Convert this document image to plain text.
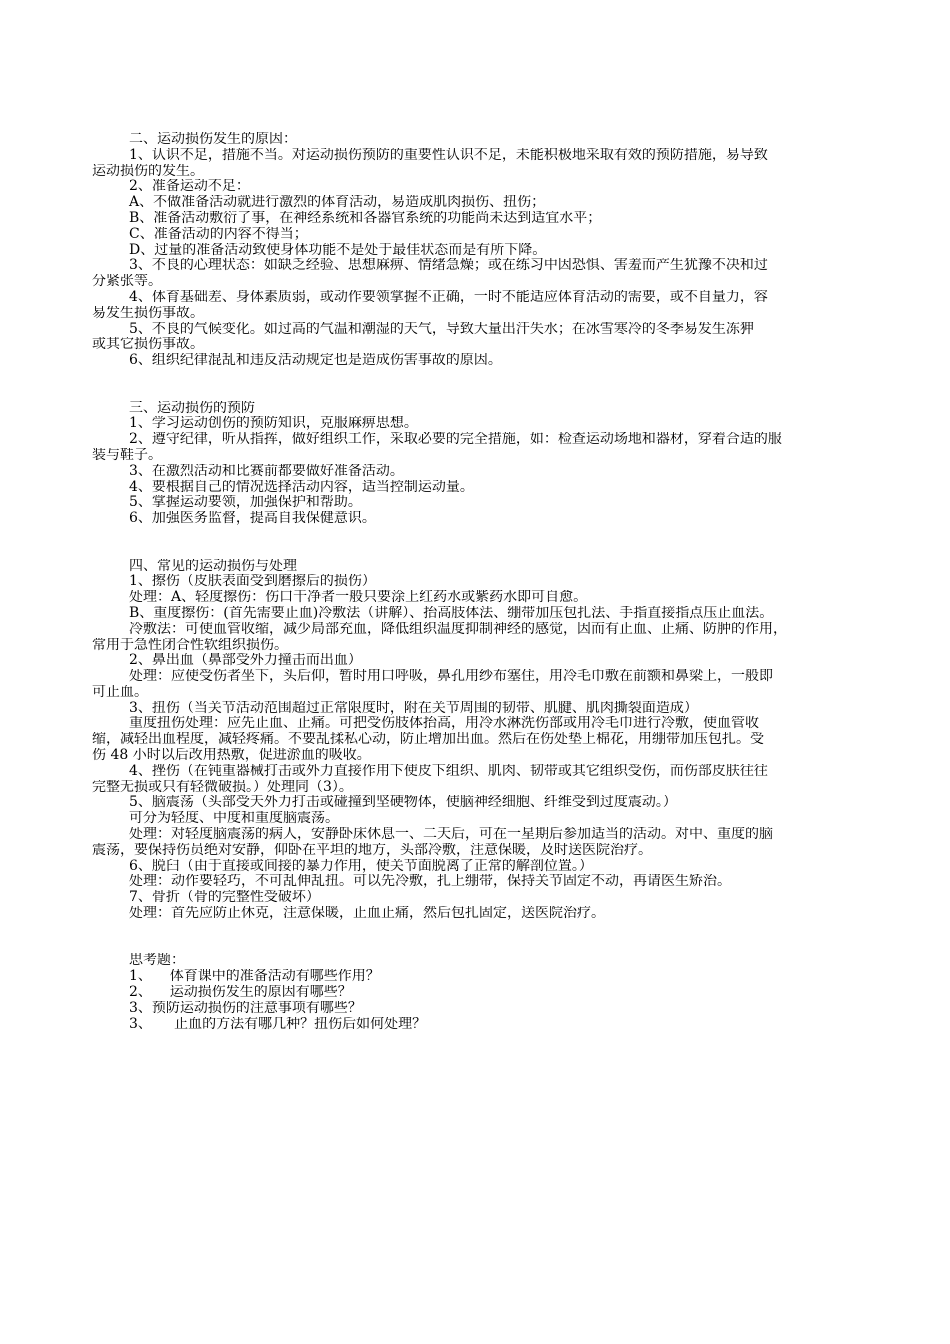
二、运动损伤发生的原因：
1、认识不足，措施不当。对运动损伤预防的重要性认识不足，未能积极地采取有效的预防措施，易导致
运动损伤的发生。
2、准备运动不足：
A、不做准备活动就进行激烈的体育活动，易造成肌肉损伤、扭伤；
B、准备活动敷衍了事，在神经系统和各器官系统的功能尚未达到适宜水平；
C、准备活动的内容不得当；
D、过量的准备活动致使身体功能不是处于最佳状态而是有所下降。
3、不良的心理状态：如缺乏经验、思想麻痹、情绪急燥；或在练习中因恐惧、害羞而产生犹豫不决和过
分紧张等。
4、体育基础差、身体素质弱，或动作要领掌握不正确，一时不能适应体育活动的需要，或不自量力，容
易发生损伤事故。
5、不良的气候变化。如过高的气温和潮湿的天气，导致大量出汗失水；在冰雪寒冷的冬季易发生冻狎
或其它损伤事故。
6、组织纪律混乱和违反活动规定也是造成伤害事故的原因。
三、运动损伤的预防
1、学习运动创伤的预防知识，克服麻痹思想。
2、遵守纪律，听从指挥，做好组织工作，采取必要的完全措施，如：检查运动场地和器材，穿着合适的服
装与鞋子。
3、在激烈活动和比赛前都要做好准备活动。
4、要根据自己的情况选择活动内容，适当控制运动量。
5、掌握运动要领，加强保护和帮助。
6、加强医务监督，提高自我保健意识。
四、常见的运动损伤与处理
1、擦伤（皮肤表面受到磨擦后的损伤）
处理：A、轻度擦伤：伤口干净者一般只要涂上红药水或紫药水即可自愈。
B、重度擦伤：(首先需要止血)冷敷法（讲解）、抬高肢体法、绷带加压包扎法、手指直接指点压止血法。
冷敷法：可使血管收缩，减少局部充血，降低组织温度抑制神经的感觉，因而有止血、止痛、防肿的作用，
常用于急性闭合性软组织损伤。
2、鼻出血（鼻部受外力撞击而出血）
处理：应使受伤者坐下，头后仰，暂时用口呼吸，鼻孔用纱布塞住，用冷毛巾敷在前额和鼻梁上，一般即
可止血。
3、扭伤（当关节活动范围超过正常限度时，附在关节周围的韧带、肌腱、肌肉撕裂面造成）
重度扭伤处理：应先止血、止痛。可把受伤肢体抬高，用冷水淋洗伤部或用冷毛巾进行冷敷，使血管收
缩，减轻出血程度，减轻疼痛。不要乱揉私心动，防止增加出血。然后在伤处垫上棉花，用绷带加压包扎。受
伤 48 小时以后改用热敷，促进淤血的吸收。
4、挫伤（在钝重器械打击或外力直接作用下使皮下组织、肌肉、韧带或其它组织受伤，而伤部皮肤往往
完整无损或只有轻微破损。）处理同（3）。
5、脑震荡（头部受天外力打击或碰撞到坚硬物体，使脑神经细胞、纤维受到过度震动。）
可分为轻度、中度和重度脑震荡。
处理：对轻度脑震荡的病人，安静卧床休息一、二天后，可在一星期后参加适当的活动。对中、重度的脑
震荡，要保持伤员绝对安静，仰卧在平坦的地方，头部冷敷，注意保暖，及时送医院治疗。
6、脱臼（由于直接或间接的暴力作用，使关节面脱离了正常的解剖位置。）
处理：动作要轻巧，不可乱伸乱扭。可以先冷敷，扎上绷带，保持关节固定不动，再请医生矫治。
7、骨折（骨的完整性受破坏）
处理：首先应防止休克，注意保暖，止血止痛，然后包扎固定，送医院治疗。
思考题：
1、    体育课中的准备活动有哪些作用？
2、    运动损伤发生的原因有哪些？
3、预防运动损伤的注意事项有哪些？
3、     止血的方法有哪几种？扭伤后如何处理？
